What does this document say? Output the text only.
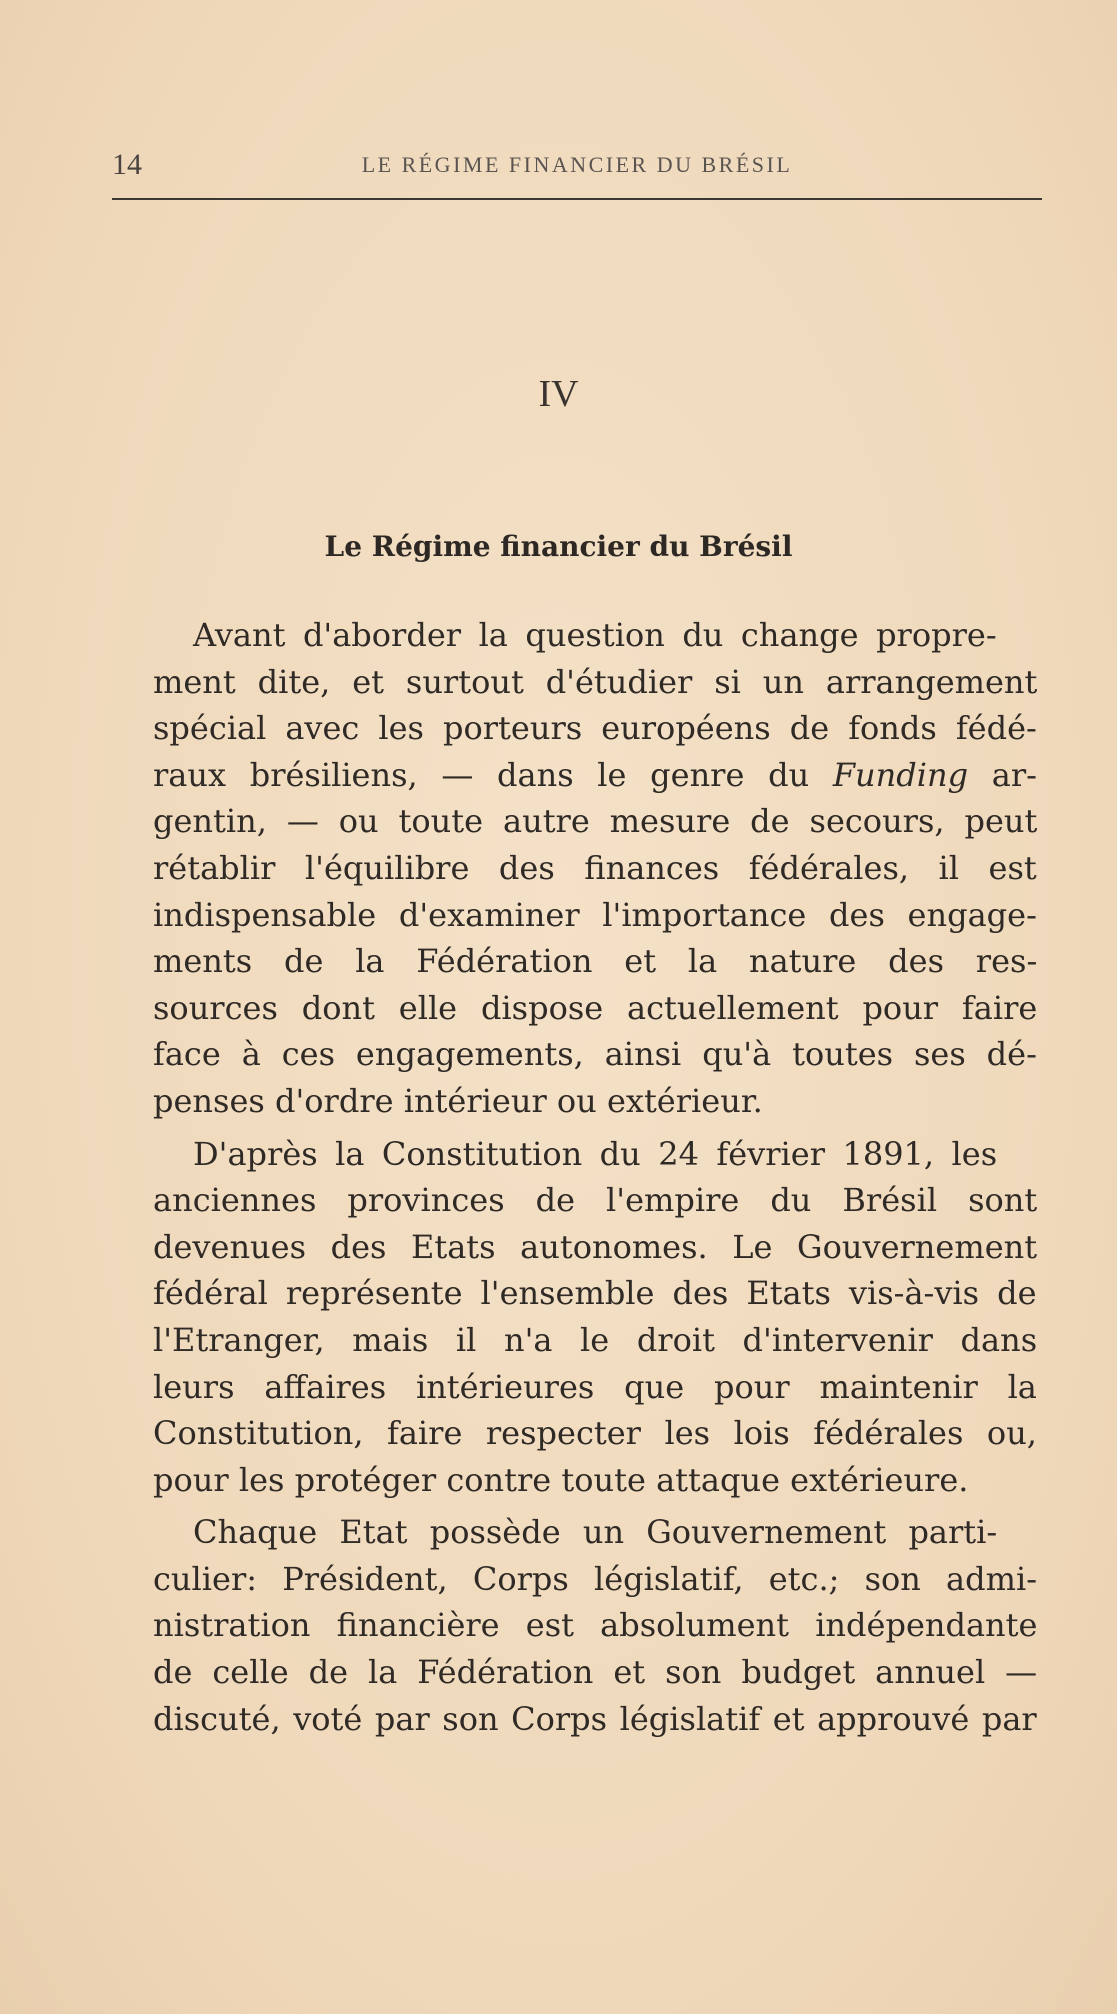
14	LE RÉGIME FINANCIER DU BRÉSIL
IV
Le Régime financier du Brésil
Avant d'aborder la question du change propre-
ment dite, et surtout d'étudier si un arrangement
spécial avec les porteurs européens de fonds fédé-
raux brésiliens, — dans le genre du Funding ar-
gentin, — ou toute autre mesure de secours, peut
rétablir l'équilibre des finances fédérales, il est
indispensable d'examiner l'importance des engage-
ments de la Fédération et la nature des res-
sources dont elle dispose actuellement pour faire
face à ces engagements, ainsi qu'à toutes ses dé-
penses d'ordre intérieur ou extérieur.
D'après la Constitution du 24 février 1891, les
anciennes provinces de l'empire du Brésil sont
devenues des Etats autonomes. Le Gouvernement
fédéral représente l'ensemble des Etats vis-à-vis de
l'Etranger, mais il n'a le droit d'intervenir dans
leurs affaires intérieures que pour maintenir la
Constitution, faire respecter les lois fédérales ou,
pour les protéger contre toute attaque extérieure.
Chaque Etat possède un Gouvernement parti-
culier: Président, Corps législatif, etc.; son admi-
nistration financière est absolument indépendante
de celle de la Fédération et son budget annuel —
discuté, voté par son Corps législatif et approuvé par
